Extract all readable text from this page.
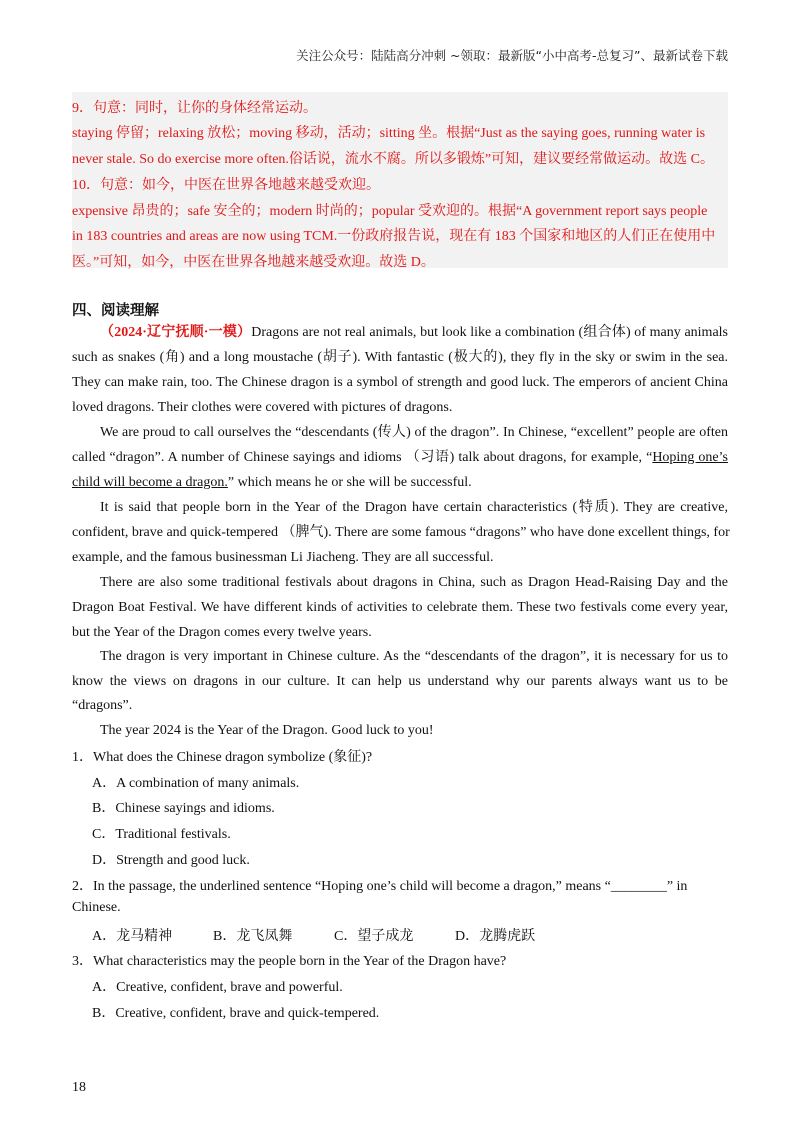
关注公众号：陆陆高分冲刺 ~领取：最新版“小中高考-总复习”、最新试卷下载
9．句意：同时，让你的身体经常运动。
staying 停留；relaxing 放松；moving 移动，活动；sitting 坐。根据“Just as the saying goes, running water is
never stale. So do exercise more often.俗话说，流水不腐。所以多锻炼”可知，建议要经常做运动。故选 C。
10．句意：如今，中医在世界各地越来越受欢迎。
expensive 昂贵的；safe 安全的；modern 时尚的；popular 受欢迎的。根据“A government report says people
in 183 countries and areas are now using TCM.一份政府报告说，现在有 183 个国家和地区的人们正在使用中
医。”可知，如今，中医在世界各地越来越受欢迎。故选 D。
四、阅读理解
（2024·辽宁抚顺·一模）Dragons are not real animals, but look like a combination (组合体) of many animals
such as snakes (角) and a long moustache (胡子). With fantastic (极大的), they fly in the sky or swim in the sea.
They can make rain, too. The Chinese dragon is a symbol of strength and good luck. The emperors of ancient China
loved dragons. Their clothes were covered with pictures of dragons.
We are proud to call ourselves the “descendants (传人) of the dragon”. In Chinese, “excellent” people are often
called “dragon”. A number of Chinese sayings and idioms （习语) talk about dragons, for example, “Hoping one’s
child will become a dragon.” which means he or she will be successful.
It is said that people born in the Year of the Dragon have certain characteristics (特质). They are creative,
confident, brave and quick-tempered （脾气). There are some famous “dragons” who have done excellent things, for
example, and the famous businessman Li Jiacheng. They are all successful.
There are also some traditional festivals about dragons in China, such as Dragon Head-Raising Day and the
Dragon Boat Festival. We have different kinds of activities to celebrate them. These two festivals come every year,
but the Year of the Dragon comes every twelve years.
The dragon is very important in Chinese culture. As the “descendants of the dragon”, it is necessary for us to
know the views on dragons in our culture. It can help us understand why our parents always want us to be
“dragons”.
The year 2024 is the Year of the Dragon. Good luck to you!
1．What does the Chinese dragon symbolize (象征)?
A．A combination of many animals.
B．Chinese sayings and idioms.
C．Traditional festivals.
D．Strength and good luck.
2．In the passage, the underlined sentence “Hoping one’s child will become a dragon,” means “________” in
Chinese.
A．龙马精神	B．龙飞凤舞	C．望子成龙	D．龙腾虎跃
3．What characteristics may the people born in the Year of the Dragon have?
A．Creative, confident, brave and powerful.
B．Creative, confident, brave and quick-tempered.
18
